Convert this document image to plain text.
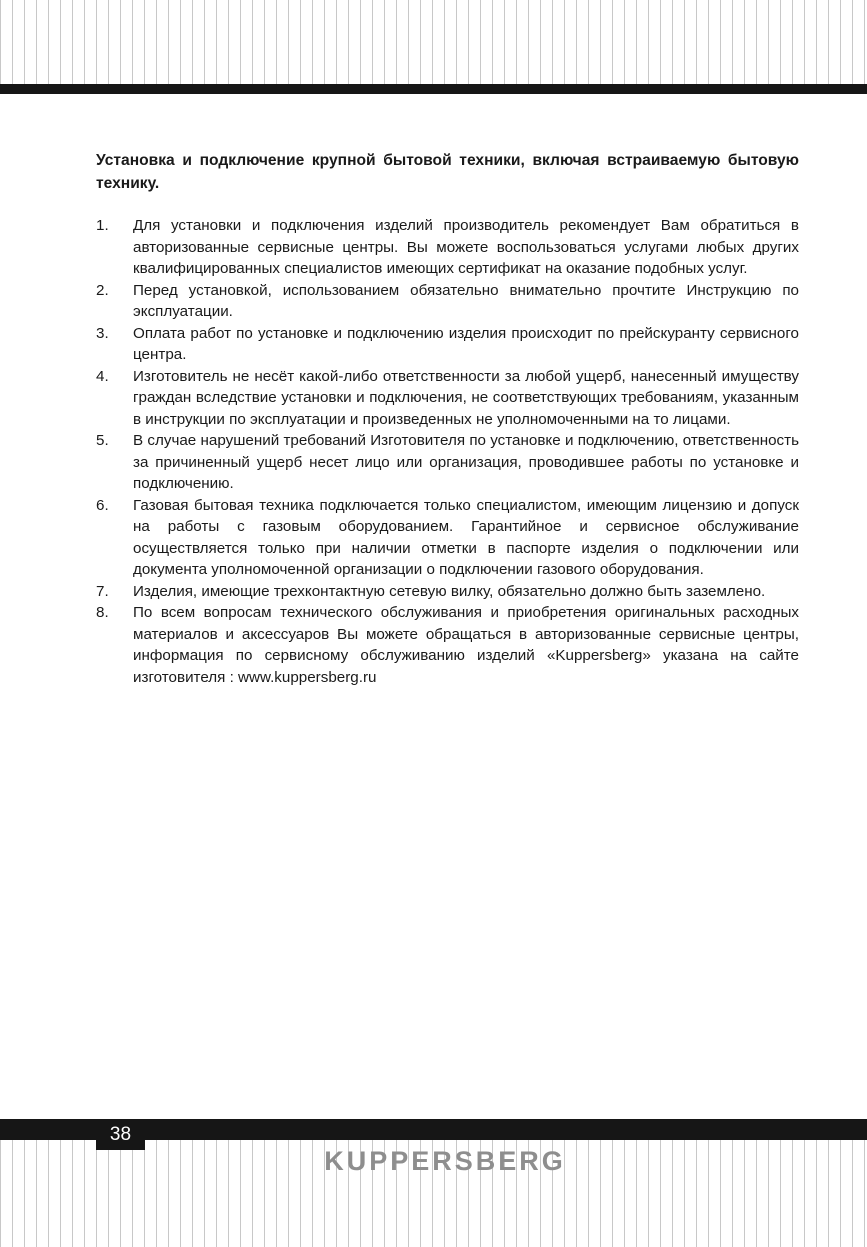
Установка и подключение крупной бытовой техники, включая встраиваемую бытовую технику.

1. Для установки и подключения изделий производитель рекомендует Вам обратиться в авторизованные сервисные центры. Вы можете воспользоваться услугами любых других квалифицированных специалистов имеющих сертификат на оказание подобных услуг.
2. Перед установкой, использованием обязательно внимательно прочтите Инструкцию по эксплуатации.
3. Оплата работ по установке и подключению изделия происходит по прейскуранту сервисного центра.
4. Изготовитель не несёт какой-либо ответственности за любой ущерб, нанесенный имуществу граждан вследствие установки и подключения, не соответствующих требованиям, указанным в инструкции по эксплуатации и произведенных не уполномоченными на то лицами.
5. В случае нарушений требований Изготовителя по установке и подключению, ответственность за причиненный ущерб несет лицо или организация, проводившее работы по установке и подключению.
6. Газовая бытовая техника подключается только специалистом, имеющим лицензию и допуск на работы с газовым оборудованием. Гарантийное и сервисное обслуживание осуществляется только при наличии отметки в паспорте изделия о подключении или документа уполномоченной организации о подключении газового оборудования.
7. Изделия, имеющие трехконтактную сетевую вилку, обязательно должно быть заземлено.
8. По всем вопросам технического обслуживания и приобретения оригинальных расходных материалов и аксессуаров Вы можете обращаться в авторизованные сервисные центры, информация по сервисному обслуживанию изделий «Kuppersberg» указана на сайте изготовителя : www.kuppersberg.ru
38
KUPPERSBERG
